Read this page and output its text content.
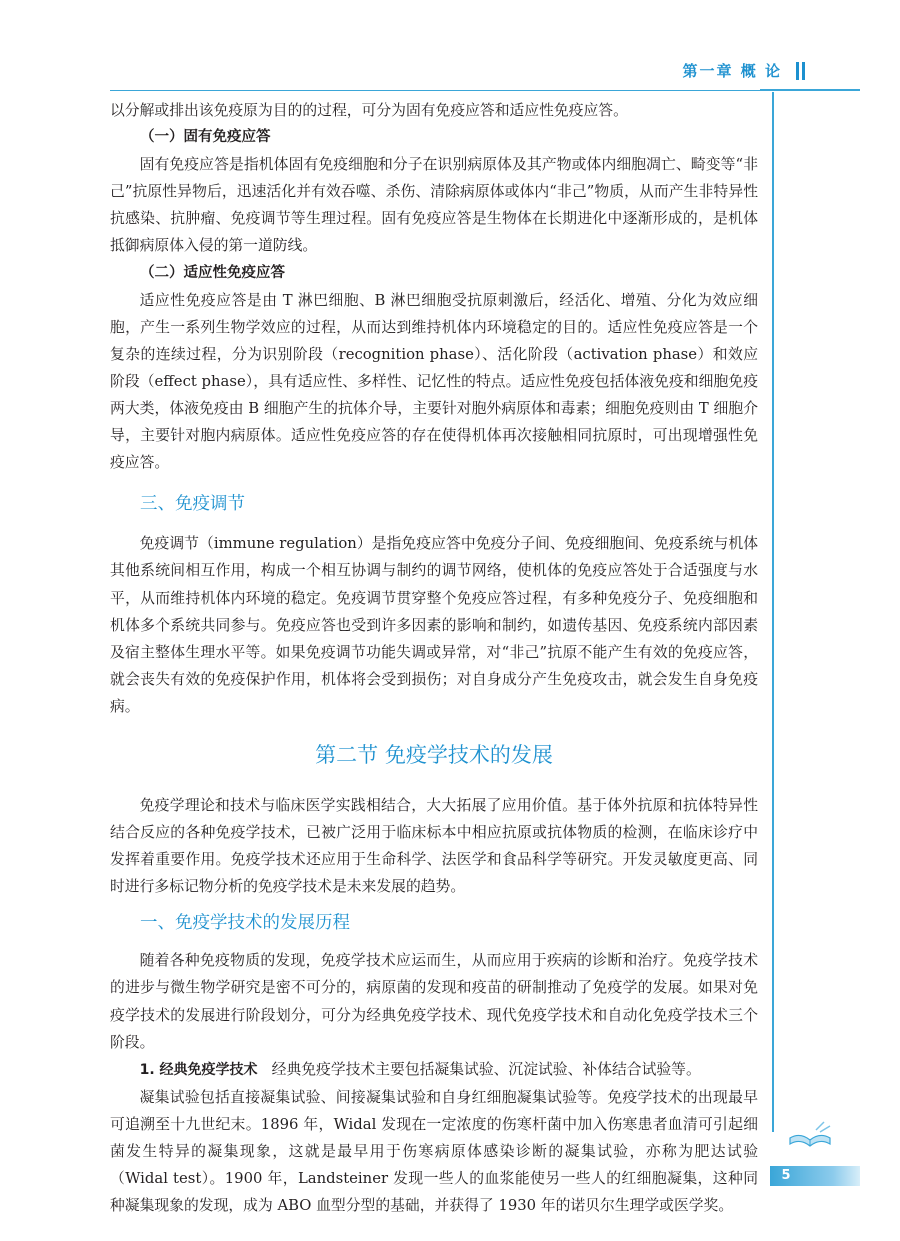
第一章 概 论

以分解或排出该免疫原为目的的过程，可分为固有免疫应答和适应性免疫应答。

（一）固有免疫应答

固有免疫应答是指机体固有免疫细胞和分子在识别病原体及其产物或体内细胞凋亡、畸变等“非己”抗原性异物后，迅速活化并有效吞噬、杀伤、清除病原体或体内“非己”物质，从而产生非特异性抗感染、抗肿瘤、免疫调节等生理过程。固有免疫应答是生物体在长期进化中逐渐形成的，是机体抵御病原体入侵的第一道防线。

（二）适应性免疫应答

适应性免疫应答是由 T 淋巴细胞、B 淋巴细胞受抗原刺激后，经活化、增殖、分化为效应细胞，产生一系列生物学效应的过程，从而达到维持机体内环境稳定的目的。适应性免疫应答是一个复杂的连续过程，分为识别阶段（recognition phase）、活化阶段（activation phase）和效应阶段（effect phase），具有适应性、多样性、记忆性的特点。适应性免疫包括体液免疫和细胞免疫两大类，体液免疫由 B 细胞产生的抗体介导，主要针对胞外病原体和毒素；细胞免疫则由 T 细胞介导，主要针对胞内病原体。适应性免疫应答的存在使得机体再次接触相同抗原时，可出现增强性免疫应答。

三、免疫调节

免疫调节（immune regulation）是指免疫应答中免疫分子间、免疫细胞间、免疫系统与机体其他系统间相互作用，构成一个相互协调与制约的调节网络，使机体的免疫应答处于合适强度与水平，从而维持机体内环境的稳定。免疫调节贯穿整个免疫应答过程，有多种免疫分子、免疫细胞和机体多个系统共同参与。免疫应答也受到许多因素的影响和制约，如遗传基因、免疫系统内部因素及宿主整体生理水平等。如果免疫调节功能失调或异常，对“非己”抗原不能产生有效的免疫应答，就会丧失有效的免疫保护作用，机体将会受到损伤；对自身成分产生免疫攻击，就会发生自身免疫病。

第二节 免疫学技术的发展

免疫学理论和技术与临床医学实践相结合，大大拓展了应用价值。基于体外抗原和抗体特异性结合反应的各种免疫学技术，已被广泛用于临床标本中相应抗原或抗体物质的检测，在临床诊疗中发挥着重要作用。免疫学技术还应用于生命科学、法医学和食品科学等研究。开发灵敏度更高、同时进行多标记物分析的免疫学技术是未来发展的趋势。

一、免疫学技术的发展历程

随着各种免疫物质的发现，免疫学技术应运而生，从而应用于疾病的诊断和治疗。免疫学技术的进步与微生物学研究是密不可分的，病原菌的发现和疫苗的研制推动了免疫学的发展。如果对免疫学技术的发展进行阶段划分，可分为经典免疫学技术、现代免疫学技术和自动化免疫学技术三个阶段。

1. 经典免疫学技术 经典免疫学技术主要包括凝集试验、沉淀试验、补体结合试验等。

凝集试验包括直接凝集试验、间接凝集试验和自身红细胞凝集试验等。免疫学技术的出现最早可追溯至十九世纪末。1896 年，Widal 发现在一定浓度的伤寒杆菌中加入伤寒患者血清可引起细菌发生特异的凝集现象，这就是最早用于伤寒病原体感染诊断的凝集试验，亦称为肥达试验（Widal test）。1900 年，Landsteiner 发现一些人的血浆能使另一些人的红细胞凝集，这种同种凝集现象的发现，成为 ABO 血型分型的基础，并获得了 1930 年的诺贝尔生理学或医学奖。

5
